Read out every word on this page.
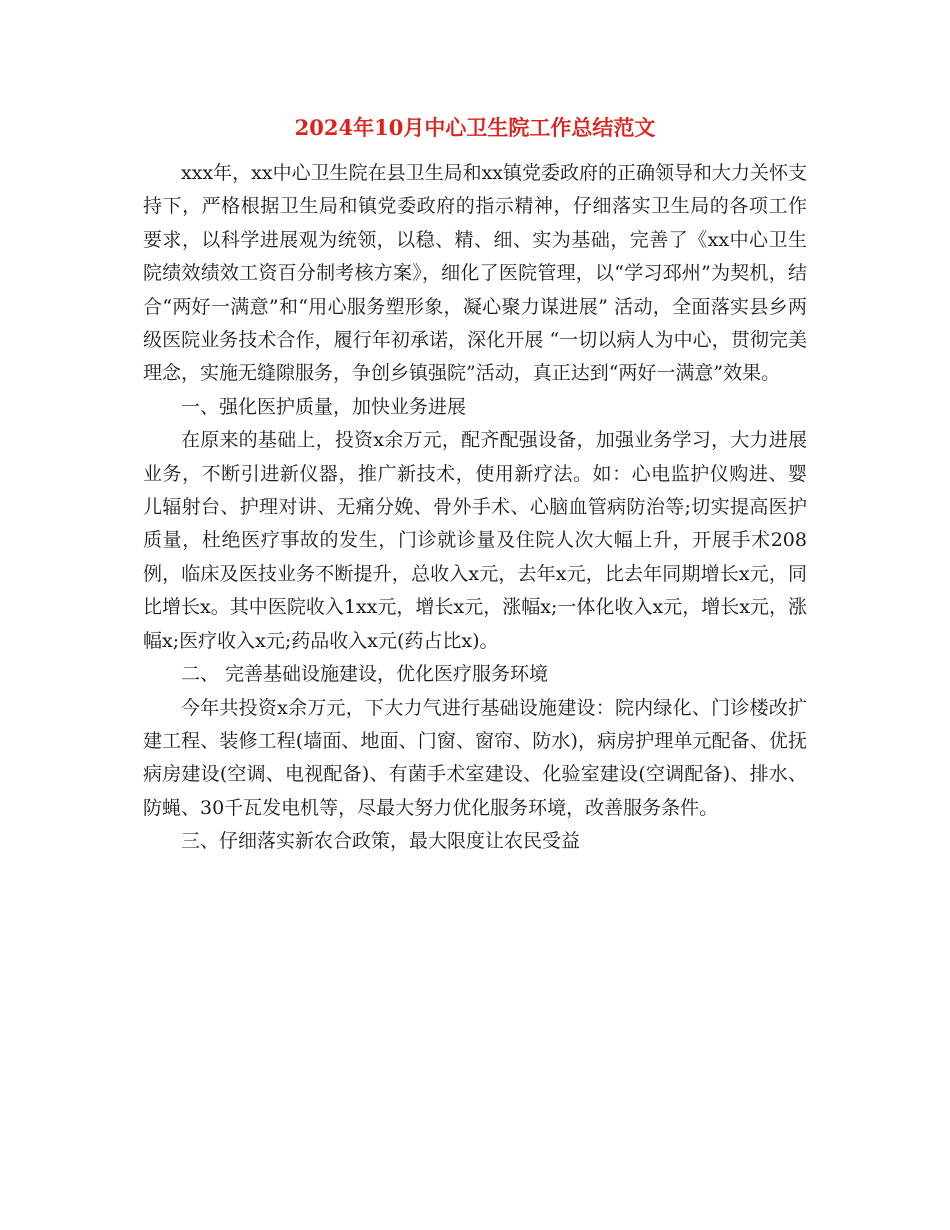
2024年10月中心卫生院工作总结范文

xxx年，xx中心卫生院在县卫生局和xx镇党委政府的正确领导和大力关怀支持下，严格根据卫生局和镇党委政府的指示精神，仔细落实卫生局的各项工作要求，以科学进展观为统领，以稳、精、细、实为基础，完善了《xx中心卫生院绩效绩效工资百分制考核方案》，细化了医院管理，以“学习邳州”为契机，结合“两好一满意”和“用心服务塑形象，凝心聚力谋进展” 活动，全面落实县乡两级医院业务技术合作，履行年初承诺，深化开展 “一切以病人为中心，贯彻完美理念，实施无缝隙服务，争创乡镇强院”活动，真正达到“两好一满意”效果。

一、强化医护质量，加快业务进展

在原来的基础上，投资x余万元，配齐配强设备，加强业务学习，大力进展业务，不断引进新仪器，推广新技术，使用新疗法。如：心电监护仪购进、婴儿辐射台、护理对讲、无痛分娩、骨外手术、心脑血管病防治等;切实提高医护质量，杜绝医疗事故的发生，门诊就诊量及住院人次大幅上升，开展手术208例，临床及医技业务不断提升，总收入x元，去年x元，比去年同期增长x元，同比增长x。其中医院收入1xx元，增长x元，涨幅x;一体化收入x元，增长x元，涨幅x;医疗收入x元;药品收入x元(药占比x)。

二、 完善基础设施建设，优化医疗服务环境

今年共投资x余万元，下大力气进行基础设施建设：院内绿化、门诊楼改扩建工程、装修工程(墙面、地面、门窗、窗帘、防水)，病房护理单元配备、优抚病房建设(空调、电视配备)、有菌手术室建设、化验室建设(空调配备)、排水、防蝇、30千瓦发电机等，尽最大努力优化服务环境，改善服务条件。

三、仔细落实新农合政策，最大限度让农民受益
